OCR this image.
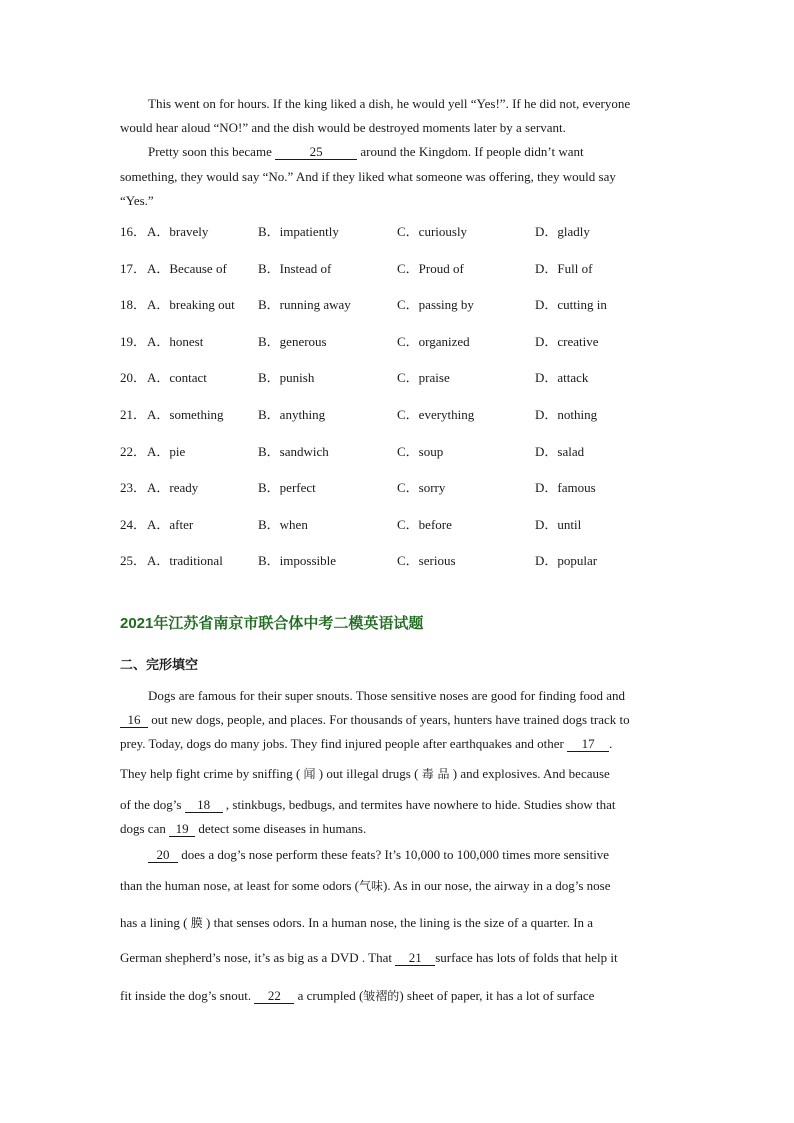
This went on for hours. If the king liked a dish, he would yell “Yes!”. If he did not, everyone
would hear aloud “NO!” and the dish would be destroyed moments later by a servant.
Pretty soon this became	25	around the Kingdom. If people didn’t want
something, they would say “No.” And if they liked what someone was offering, they would say
“Yes.”
16． A．bravely	B．impatiently	C．curiously	D．gladly
17． A．Because of B．Instead of	C．Proud of	D．Full of
18． A．breaking out B．running away	C．passing by	D．cutting in
19． A．honest	B．generous	C．organized	D．creative
20． A．contact	B．punish	C．praise	D．attack
21． A．something	B．anything	C．everything	D．nothing
22． A．pie	B．sandwich	C．soup	D．salad
23． A．ready	B．perfect	C．sorry	D．famous
24． A．after	B．when	C．before	D．until
25． A．traditional	B．impossible	C．serious	D．popular
2021年江苏省南京市联合体中考二模英语试题
二、完形填空
Dogs are famous for their super snouts. Those sensitive noses are good for finding food and
16 out new dogs, people, and places. For thousands of years, hunters have trained dogs track to
prey. Today, dogs do many jobs. They find injured people after earthquakes and other 17 .
They help fight crime by sniffing ( 闻 ) out illegal drugs ( 毒 品 ) and explosives. And because
of the dog’s 18 , stinkbugs, bedbugs, and termites have nowhere to hide. Studies show that
dogs can 19 detect some diseases in humans.
20 does a dog’s nose perform these feats? It’s 10,000 to 100,000 times more sensitive
than the human nose, at least for some odors (气味). As in our nose, the airway in a dog’s nose
has a lining ( 膜 ) that senses odors. In a human nose, the lining is the size of a quarter. In a
German shepherd’s nose, it’s as big as a DVD . That 21 surface has lots of folds that help it
fit inside the dog’s snout. 22 a crumpled (皱褶的) sheet of paper, it has a lot of surface
